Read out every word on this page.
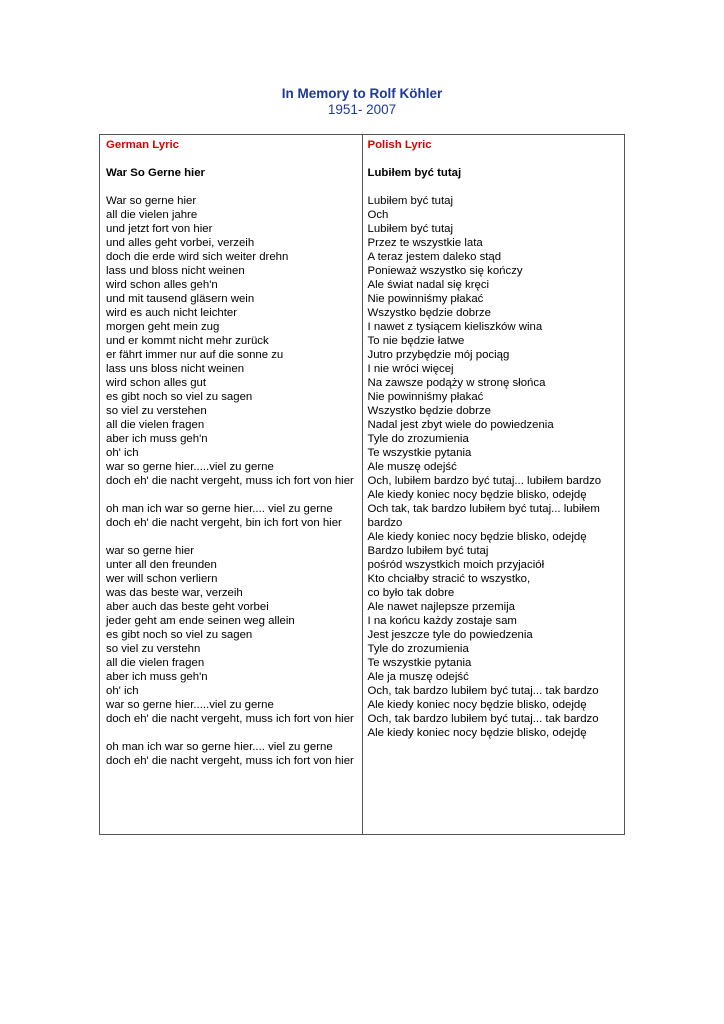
In Memory to Rolf Köhler
1951- 2007
German Lyric
War So Gerne hier
War so gerne hier
all die vielen jahre
und jetzt fort von hier
und alles geht vorbei, verzeih
doch die erde wird sich weiter drehn
lass und bloss nicht weinen
wird schon alles geh'n
und mit tausend gläsern wein
wird es auch nicht leichter
morgen geht mein zug
und er kommt nicht mehr zurück
er fährt immer nur auf die sonne zu
lass uns bloss nicht weinen
wird schon alles gut
es gibt noch so viel zu sagen
so viel zu verstehen
all die vielen fragen
aber ich muss geh'n
oh' ich
war so gerne hier.....viel zu gerne
doch eh' die nacht vergeht, muss ich fort von hier
oh man ich war so gerne hier.... viel zu gerne
doch eh' die nacht vergeht, bin ich fort von hier
war so gerne hier
unter all den freunden
wer will schon verliern
was das beste war, verzeih
aber auch das beste geht vorbei
jeder geht am ende seinen weg allein
es gibt noch so viel zu sagen
so viel zu verstehn
all die vielen fragen
aber ich muss geh'n
oh' ich
war so gerne hier.....viel zu gerne
doch eh' die nacht vergeht, muss ich fort von hier
oh man ich war so gerne hier.... viel zu gerne
doch eh' die nacht vergeht, muss ich fort von hier
Polish Lyric
Lubiłem być tutaj
Lubiłem być tutaj
Och
Lubiłem być tutaj
Przez te wszystkie lata
A teraz jestem daleko stąd
Ponieważ wszystko się kończy
Ale świat nadal się kręci
Nie powinniśmy płakać
Wszystko będzie dobrze
I nawet z tysiącem kieliszków wina
To nie będzie łatwe
Jutro przybędzie mój pociąg
I nie wróci więcej
Na zawsze podąży w stronę słońca
Nie powinniśmy płakać
Wszystko będzie dobrze
Nadal jest zbyt wiele do powiedzenia
Tyle do zrozumienia
Te wszystkie pytania
Ale muszę odejść
Och, lubiłem bardzo być tutaj... lubiłem bardzo
Ale kiedy koniec nocy będzie blisko, odejdę
Och tak, tak bardzo lubiłem być tutaj... lubiłem bardzo
Ale kiedy koniec nocy będzie blisko, odejdę
Bardzo lubiłem być tutaj
pośród wszystkich moich przyjaciół
Kto chciałby stracić to wszystko,
co było tak dobre
Ale nawet najlepsze przemija
I na końcu każdy zostaje sam
Jest jeszcze tyle do powiedzenia
Tyle do zrozumienia
Te wszystkie pytania
Ale ja muszę odejść
Och, tak bardzo lubiłem być tutaj... tak bardzo
Ale kiedy koniec nocy będzie blisko, odejdę
Och, tak bardzo lubiłem być tutaj... tak bardzo
Ale kiedy koniec nocy będzie blisko, odejdę
